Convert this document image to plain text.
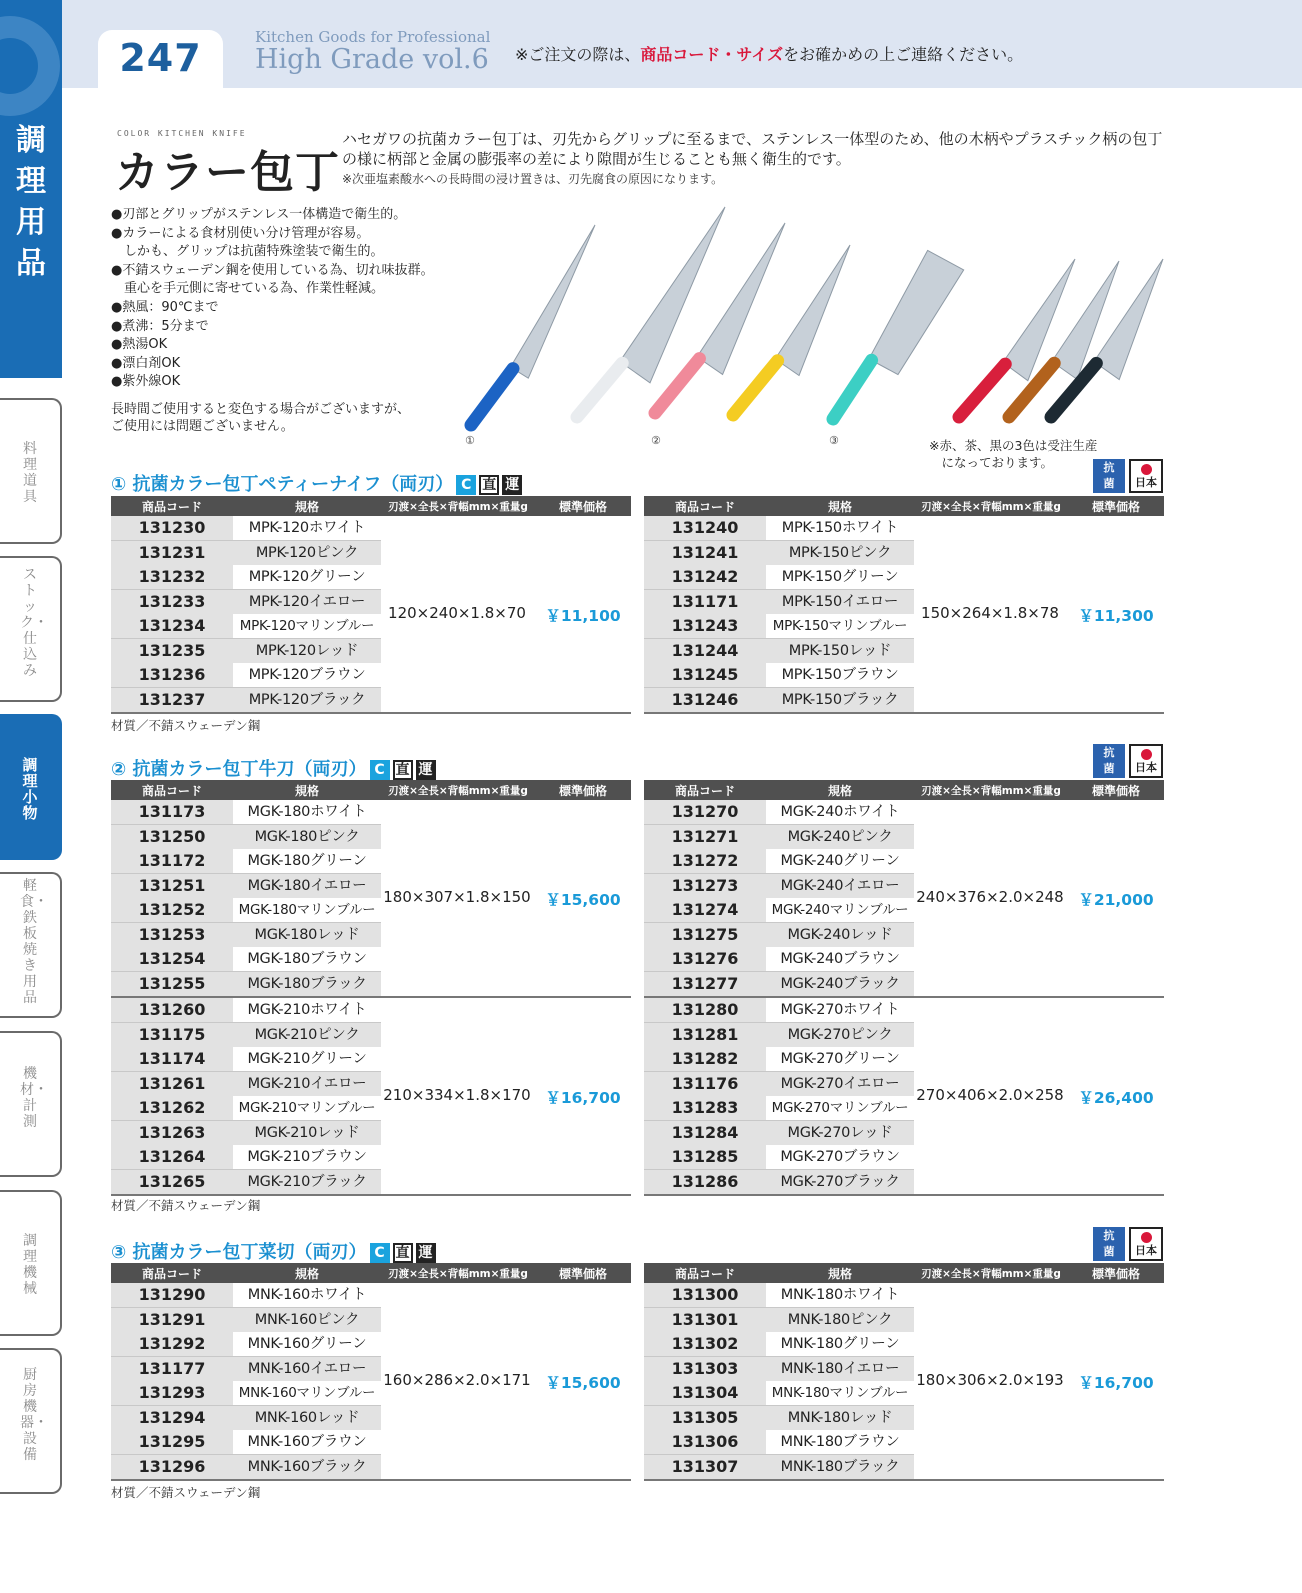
247	Kitchen Goods for Professional
High Grade vol.6 ※ご注文の際は、商品コード・サイズをお確かめの上ご連絡ください。
調
理
用
品
料理道具
ストック・仕込み
調理小物
軽食・鉄板焼き用品
機材・計測
調理機械
厨房機器・設備
COLOR KITCHEN KNIFE
カラー包丁
ハセガワの抗菌カラー包丁は、刃先からグリップに至るまで、ステンレス一体型のため、他の木柄やプラスチック柄の包丁
の様に柄部と金属の膨張率の差により隙間が生じることも無く衛生的です。
※次亜塩素酸水への長時間の浸け置きは、刃先腐食の原因になります。
●刃部とグリップがステンレス一体構造で衛生的。
●カラーによる食材別使い分け管理が容易。
　しかも、グリップは抗菌特殊塗装で衛生的。
●不錆スウェーデン鋼を使用している為、切れ味抜群。
　重心を手元側に寄せている為、作業性軽減。
●熱風：90℃まで
●煮沸：5分まで
●熱湯OK
●漂白剤OK
●紫外線OK
長時間ご使用すると変色する場合がございますが、
ご使用には問題ございません。
①	②	③	※赤、茶、黒の3色は受注生産
　になっております。
① 抗菌カラー包丁ペティーナイフ（両刃） C 直 運
抗
菌	日本
商品コード	規格	刃渡×全長×背幅mm×重量g	標準価格
131230	MPK-120ホワイト
131231	MPK-120ピンク
131232	MPK-120グリーン
131233	MPK-120イエロー
131234	MPK-120マリンブルー
131235	MPK-120レッド
131236	MPK-120ブラウン
131237	MPK-120ブラック
120×240×1.8×70	￥11,100
商品コード	規格	刃渡×全長×背幅mm×重量g	標準価格
131240	MPK-150ホワイト
131241	MPK-150ピンク
131242	MPK-150グリーン
131171	MPK-150イエロー
131243	MPK-150マリンブルー
131244	MPK-150レッド
131245	MPK-150ブラウン
131246	MPK-150ブラック
150×264×1.8×78	￥11,300
材質／不錆スウェーデン鋼
② 抗菌カラー包丁牛刀（両刃） C 直 運
抗
菌	日本
商品コード	規格	刃渡×全長×背幅mm×重量g	標準価格
131173	MGK-180ホワイト
131250	MGK-180ピンク
131172	MGK-180グリーン
131251	MGK-180イエロー
131252	MGK-180マリンブルー
131253	MGK-180レッド
131254	MGK-180ブラウン
131255	MGK-180ブラック
180×307×1.8×150 ￥15,600
131260	MGK-210ホワイト
131175	MGK-210ピンク
131174	MGK-210グリーン
131261	MGK-210イエロー
131262	MGK-210マリンブルー
131263	MGK-210レッド
131264	MGK-210ブラウン
131265	MGK-210ブラック
210×334×1.8×170 ￥16,700
商品コード	規格	刃渡×全長×背幅mm×重量g	標準価格
131270	MGK-240ホワイト
131271	MGK-240ピンク
131272	MGK-240グリーン
131273	MGK-240イエロー
131274	MGK-240マリンブルー
131275	MGK-240レッド
131276	MGK-240ブラウン
131277	MGK-240ブラック
240×376×2.0×248 ￥21,000
131280	MGK-270ホワイト
131281	MGK-270ピンク
131282	MGK-270グリーン
131176	MGK-270イエロー
131283	MGK-270マリンブルー
131284	MGK-270レッド
131285	MGK-270ブラウン
131286	MGK-270ブラック
270×406×2.0×258 ￥26,400
材質／不錆スウェーデン鋼
③ 抗菌カラー包丁菜切（両刃） C 直 運
抗
菌	日本
商品コード	規格	刃渡×全長×背幅mm×重量g	標準価格
131290	MNK-160ホワイト
131291	MNK-160ピンク
131292	MNK-160グリーン
131177	MNK-160イエロー
131293	MNK-160マリンブルー
131294	MNK-160レッド
131295	MNK-160ブラウン
131296	MNK-160ブラック
160×286×2.0×171 ￥15,600
商品コード	規格	刃渡×全長×背幅mm×重量g	標準価格
131300	MNK-180ホワイト
131301	MNK-180ピンク
131302	MNK-180グリーン
131303	MNK-180イエロー
131304	MNK-180マリンブルー
131305	MNK-180レッド
131306	MNK-180ブラウン
131307	MNK-180ブラック
180×306×2.0×193 ￥16,700
材質／不錆スウェーデン鋼
